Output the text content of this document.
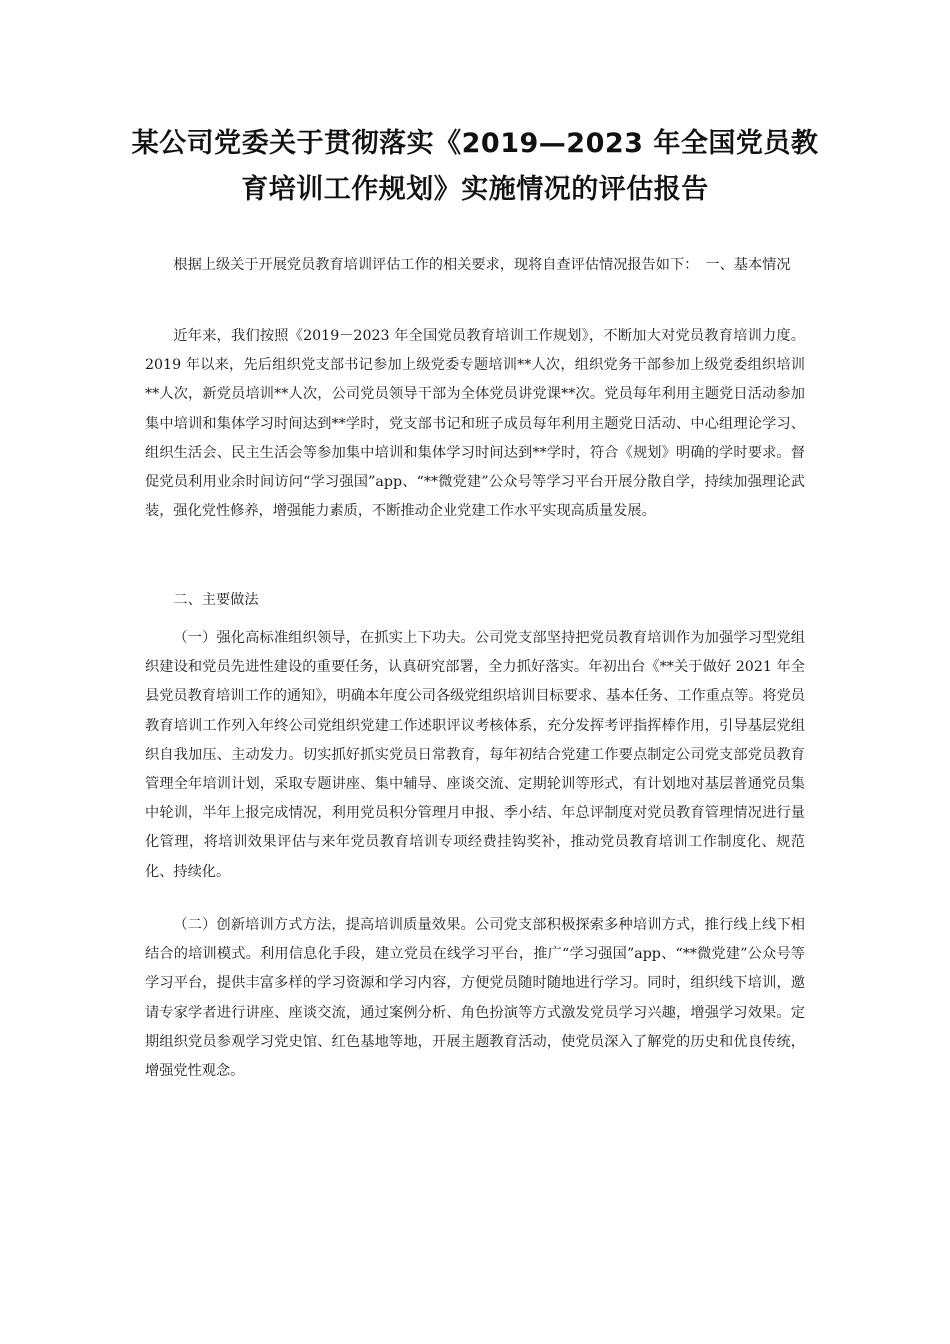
某公司党委关于贯彻落实《2019—2023 年全国党员教
育培训工作规划》实施情况的评估报告

根据上级关于开展党员教育培训评估工作的相关要求，现将自查评估情况报告如下：　一、基本情况

近年来，我们按照《2019－2023 年全国党员教育培训工作规划》，不断加大对党员教育培训力度。2019 年以来，先后组织党支部书记参加上级党委专题培训**人次，组织党务干部参加上级党委组织培训**人次，新党员培训**人次，公司党员领导干部为全体党员讲党课**次。党员每年利用主题党日活动参加集中培训和集体学习时间达到**学时，党支部书记和班子成员每年利用主题党日活动、中心组理论学习、组织生活会、民主生活会等参加集中培训和集体学习时间达到**学时，符合《规划》明确的学时要求。督促党员利用业余时间访问“学习强国”app、“**微党建”公众号等学习平台开展分散自学，持续加强理论武装，强化党性修养，增强能力素质，不断推动企业党建工作水平实现高质量发展。

二、主要做法

（一）强化高标准组织领导，在抓实上下功夫。公司党支部坚持把党员教育培训作为加强学习型党组织建设和党员先进性建设的重要任务，认真研究部署，全力抓好落实。年初出台《**关于做好 2021 年全县党员教育培训工作的通知》，明确本年度公司各级党组织培训目标要求、基本任务、工作重点等。将党员教育培训工作列入年终公司党组织党建工作述职评议考核体系，充分发挥考评指挥棒作用，引导基层党组织自我加压、主动发力。切实抓好抓实党员日常教育，每年初结合党建工作要点制定公司党支部党员教育管理全年培训计划，采取专题讲座、集中辅导、座谈交流、定期轮训等形式，有计划地对基层普通党员集中轮训，半年上报完成情况，利用党员积分管理月申报、季小结、年总评制度对党员教育管理情况进行量化管理，将培训效果评估与来年党员教育培训专项经费挂钩奖补，推动党员教育培训工作制度化、规范化、持续化。

（二）创新培训方式方法，提高培训质量效果。公司党支部积极探索多种培训方式，推行线上线下相结合的培训模式。利用信息化手段，建立党员在线学习平台，推广“学习强国”app、“**微党建”公众号等学习平台，提供丰富多样的学习资源和学习内容，方便党员随时随地进行学习。同时，组织线下培训，邀请专家学者进行讲座、座谈交流，通过案例分析、角色扮演等方式激发党员学习兴趣，增强学习效果。定期组织党员参观学习党史馆、红色基地等地，开展主题教育活动，使党员深入了解党的历史和优良传统，增强党性观念。
